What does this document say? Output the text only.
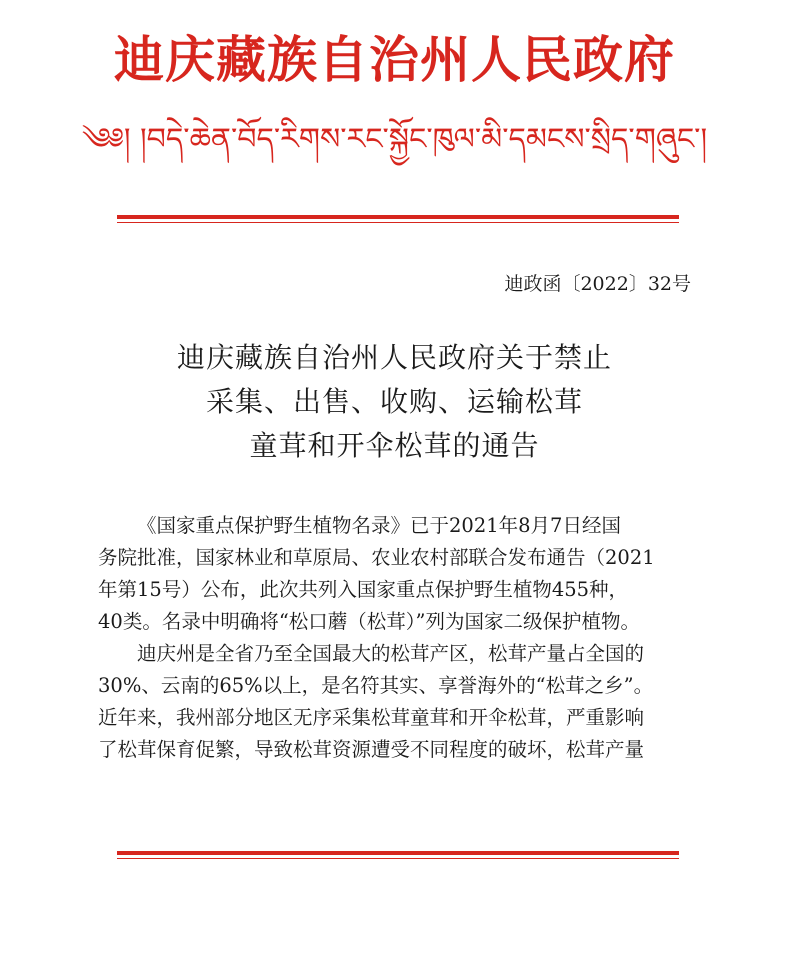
迪庆藏族自治州人民政府
༄༅། །བདེ་ཆེན་བོད་རིགས་རང་སྐྱོང་ཁུལ་མི་དམངས་སྲིད་གཞུང་།
迪政函〔2022〕32号
迪庆藏族自治州人民政府关于禁止
采集、出售、收购、运输松茸
童茸和开伞松茸的通告

《国家重点保护野生植物名录》已于2021年8月7日经国
务院批准，国家林业和草原局、农业农村部联合发布通告（2021
年第15号）公布，此次共列入国家重点保护野生植物455种，
40类。名录中明确将“松口蘑（松茸）”列为国家二级保护植物。

迪庆州是全省乃至全国最大的松茸产区，松茸产量占全国的
30%、云南的65%以上，是名符其实、享誉海外的“松茸之乡”。
近年来，我州部分地区无序采集松茸童茸和开伞松茸，严重影响
了松茸保育促繁，导致松茸资源遭受不同程度的破坏，松茸产量
